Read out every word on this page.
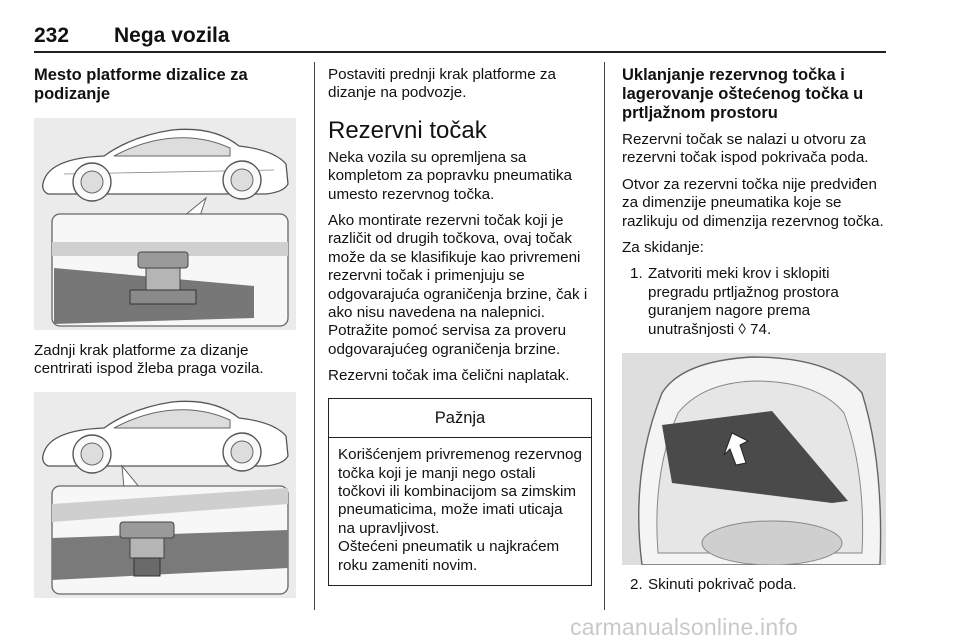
232 Nega vozila
Mesto platforme dizalice za podizanje

Zadnji krak platforme za dizanje centrirati ispod žleba praga vozila.

Postaviti prednji krak platforme za dizanje na podvozje.

Rezervni točak

Neka vozila su opremljena sa kompletom za popravku pneumatika umesto rezervnog točka.

Ako montirate rezervni točak koji je različit od drugih točkova, ovaj točak može da se klasifikuje kao privremeni rezervni točak i primenjuju se odgovarajuća ograničenja brzine, čak i ako nisu navedena na nalepnici. Potražite pomoć servisa za proveru odgovarajućeg ograničenja brzine.

Rezervni točak ima čelični naplatak.

Pažnja
Korišćenjem privremenog rezervnog točka koji je manji nego ostali točkovi ili kombinacijom sa zimskim pneumaticima, može imati uticaja na upravljivost.
Oštećeni pneumatik u najkraćem roku zameniti novim.
Uklanjanje rezervnog točka i lagerovanje oštećenog točka u prtljažnom prostoru

Rezervni točak se nalazi u otvoru za rezervni točak ispod pokrivača poda.

Otvor za rezervni točka nije predviđen za dimenzije pneumatika koje se razlikuju od dimenzija rezervnog točka.

Za skidanje:

1. Zatvoriti meki krov i sklopiti pregradu prtljažnog prostora guranjem nagore prema unutrašnjosti ◊ 74.
2. Skinuti pokrivač poda.
carmanualsonline.info
